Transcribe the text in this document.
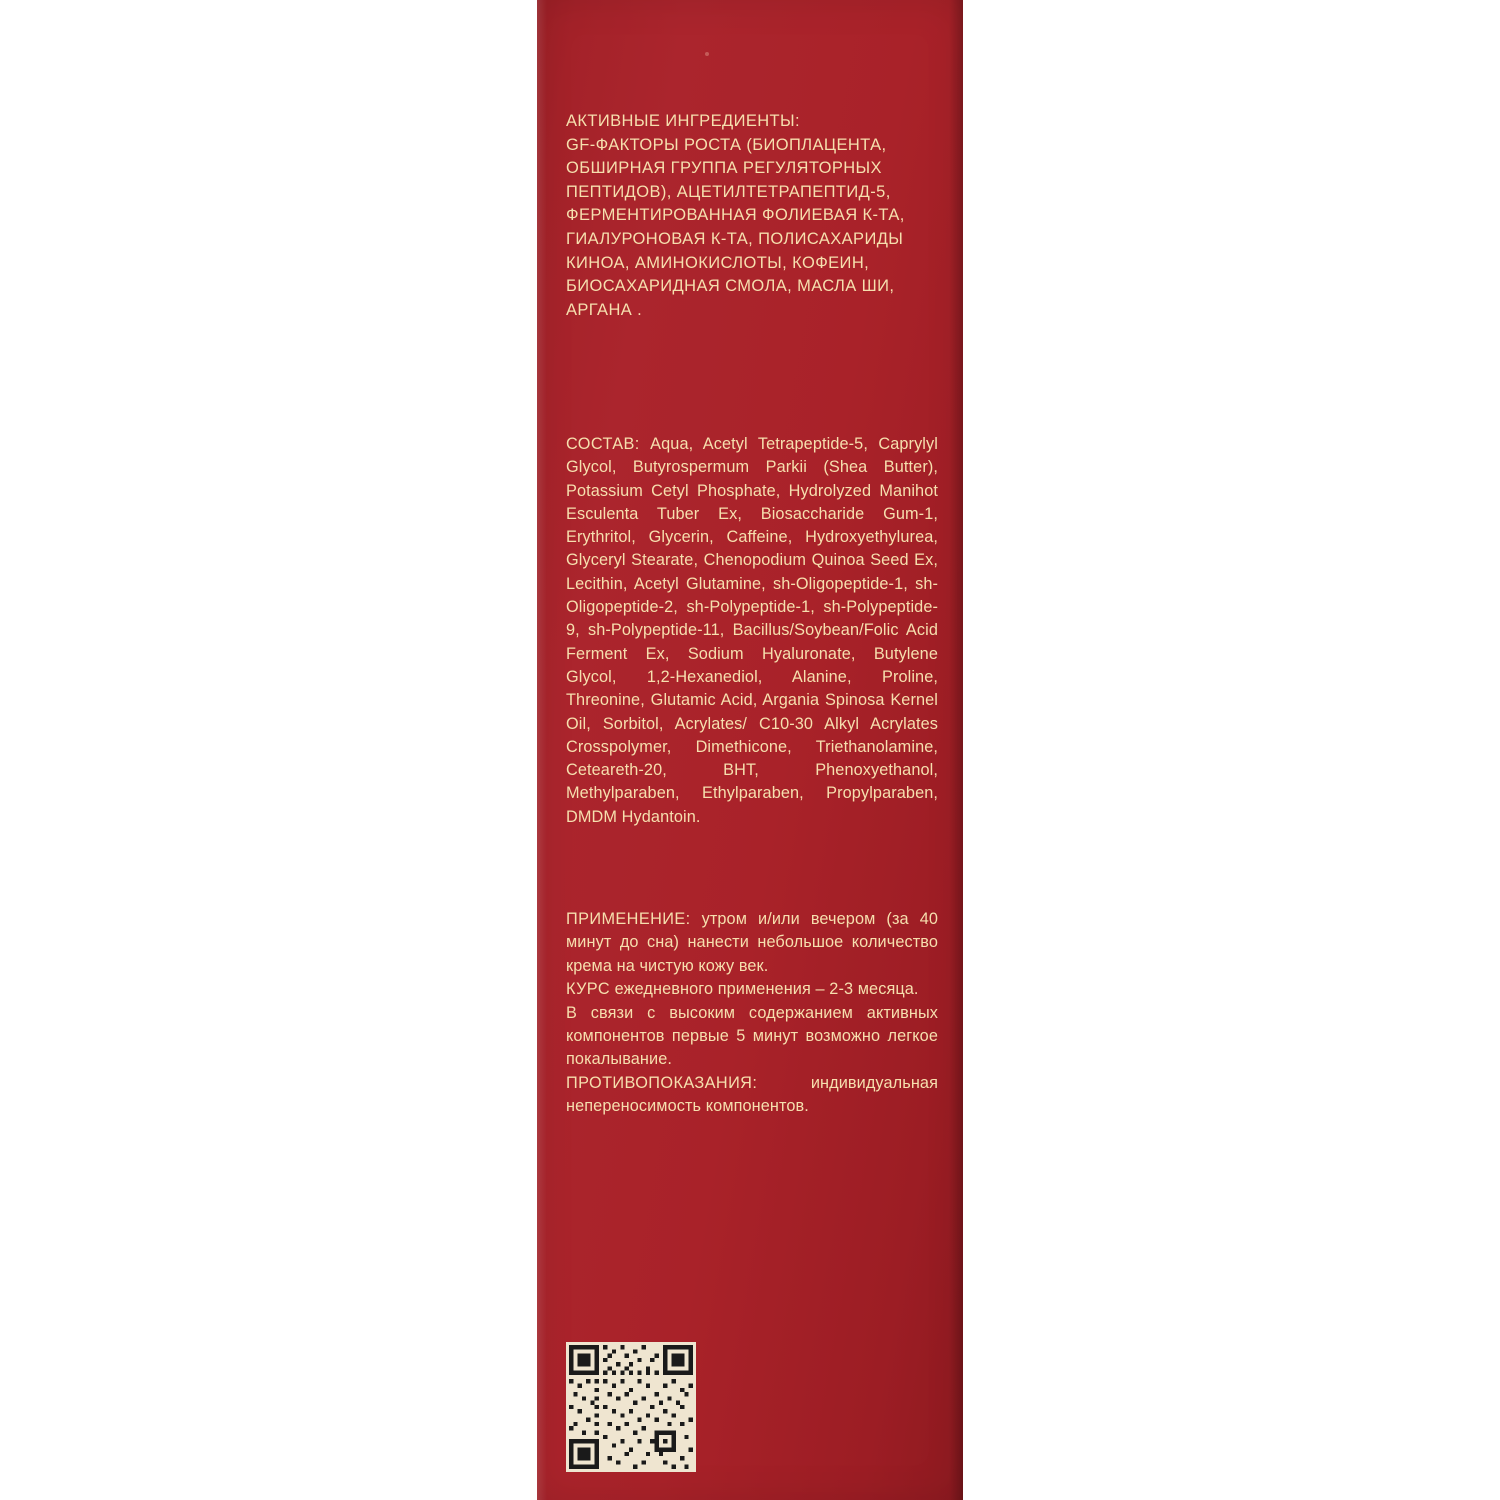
АКТИВНЫЕ ИНГРЕДИЕНТЫ:
GF-ФАКТОРЫ РОСТА (БИОПЛАЦЕНТА, ОБШИРНАЯ ГРУППА РЕГУЛЯТОРНЫХ ПЕПТИДОВ), АЦЕТИЛТЕТРАПЕПТИД-5, ФЕРМЕНТИРОВАННАЯ ФОЛИЕВАЯ К-ТА, ГИАЛУРОНОВАЯ К-ТА, ПОЛИСАХАРИДЫ КИНОА, АМИНОКИСЛОТЫ, КОФЕИН, БИОСАХАРИДНАЯ СМОЛА, МАСЛА ШИ, АРГАНА .
СОСТАВ: Aqua, Acetyl Tetrapeptide-5, Caprylyl Glycol, Butyrospermum Parkii (Shea Butter), Potassium Cetyl Phosphate, Hydrolyzed Manihot Esculenta Tuber Ex, Biosaccharide Gum-1, Erythritol, Glycerin, Caffeine, Hydroxyethylurea, Glyceryl Stearate, Chenopodium Quinoa Seed Ex, Lecithin, Acetyl Glutamine, sh-Oligopeptide-1, sh-Oligopeptide-2, sh-Polypeptide-1, sh-Polypeptide-9, sh-Polypeptide-11, Bacillus/Soybean/Folic Acid Ferment Ex, Sodium Hyaluronate, Butylene Glycol, 1,2-Hexanediol, Alanine, Proline, Threonine, Glutamic Acid, Argania Spinosa Kernel Oil, Sorbitol, Acrylates/ C10-30 Alkyl Acrylates Crosspolymer, Dimethicone, Triethanolamine, Ceteareth-20, BHT, Phenoxyethanol, Methylparaben, Ethylparaben, Propylparaben, DMDM Hydantoin.
ПРИМЕНЕНИЕ: утром и/или вечером (за 40 минут до сна) нанести небольшое количество крема на чистую кожу век.
КУРС ежедневного применения – 2-3 месяца.
В связи с высоким содержанием активных компонентов первые 5 минут возможно легкое покалывание.
ПРОТИВОПОКАЗАНИЯ:	индивидуальная непереносимость компонентов.
